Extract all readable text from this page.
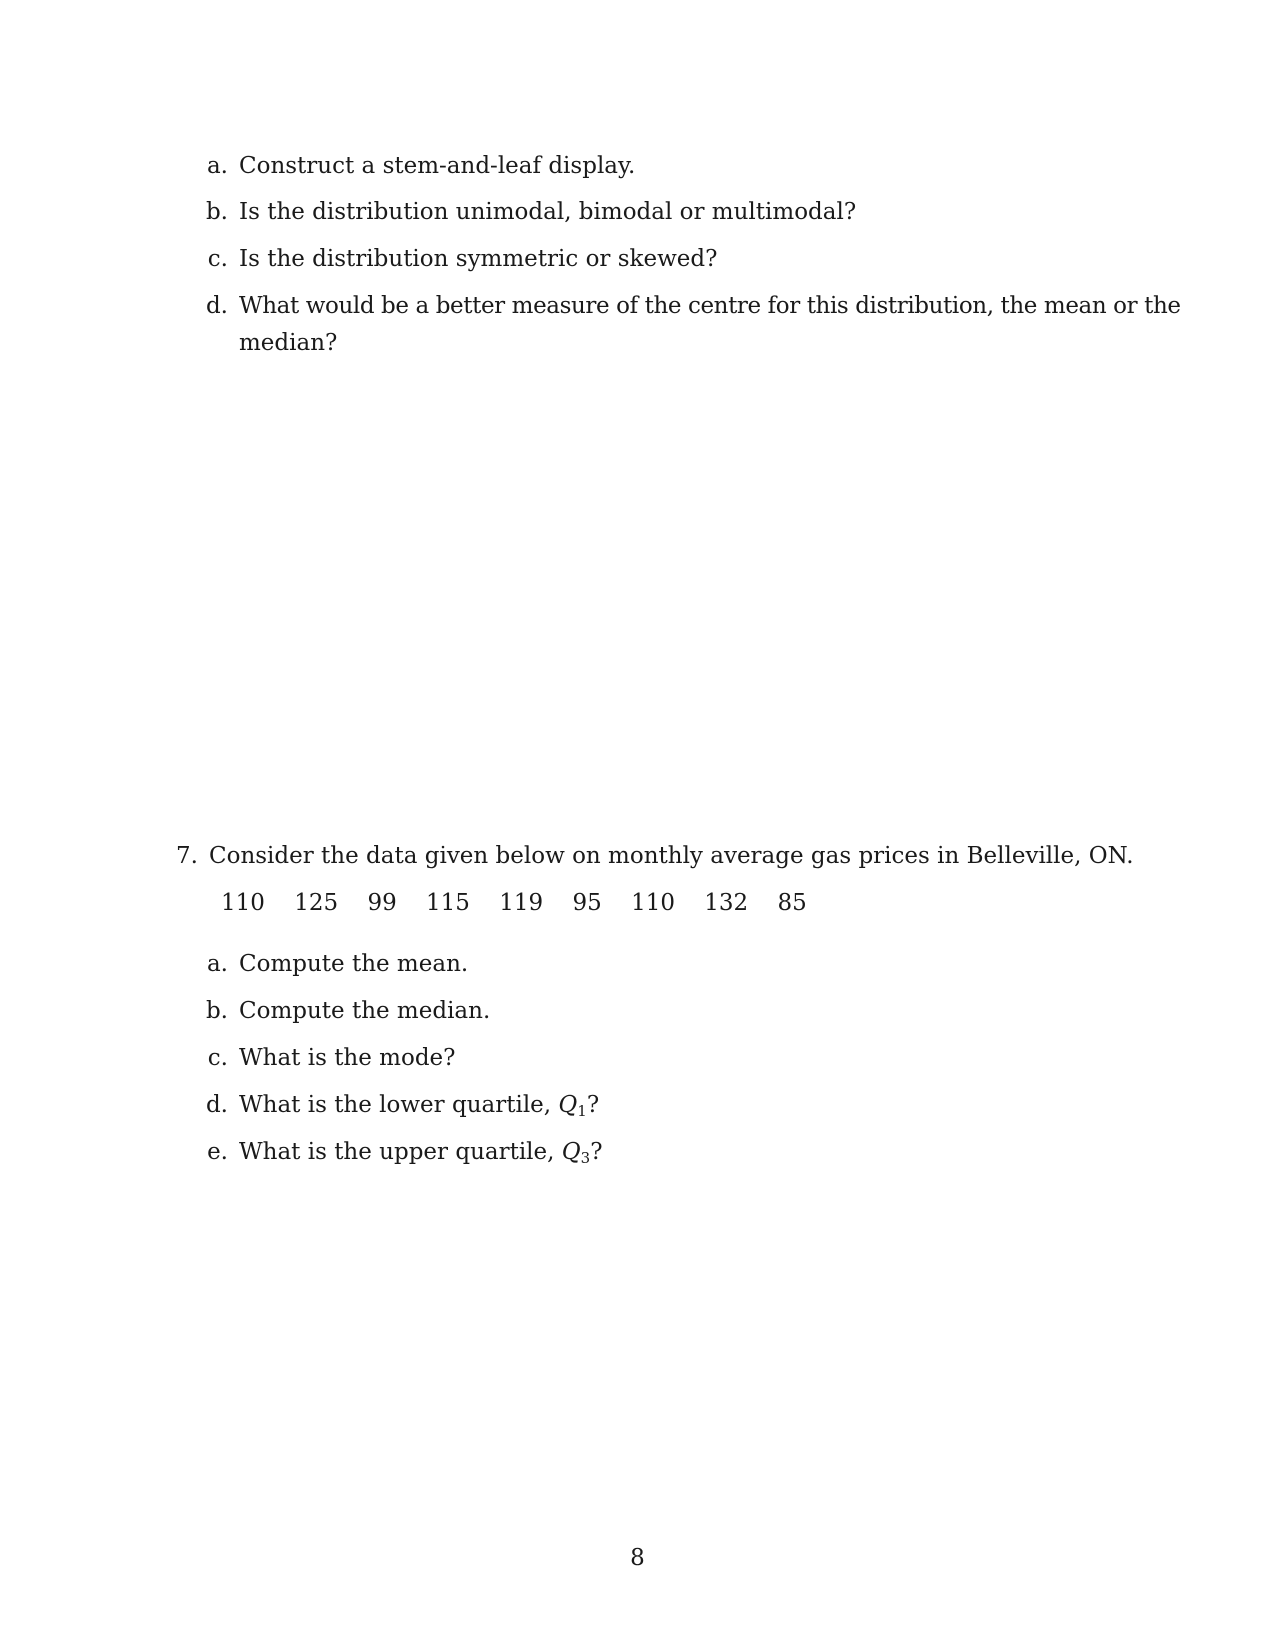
a. Construct a stem-and-leaf display.
b. Is the distribution unimodal, bimodal or multimodal?
c. Is the distribution symmetric or skewed?
d. What would be a better measure of the centre for this distribution, the mean or the
median?
7. Consider the data given below on monthly average gas prices in Belleville, ON.
110 125 99 115 119 95 110 132 85
a. Compute the mean.
b. Compute the median.
c. What is the mode?
d. What is the lower quartile, $Q_1$?
e. What is the upper quartile, $Q_3$?
8
